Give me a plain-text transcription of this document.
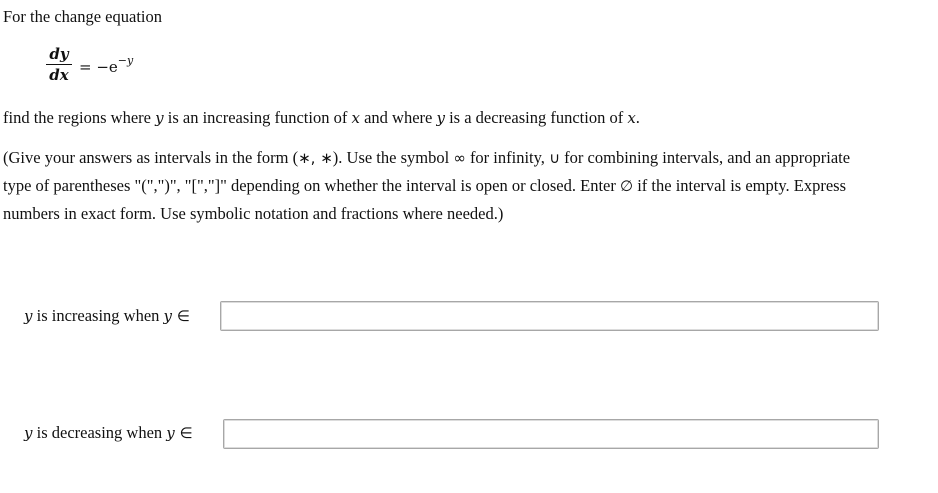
For the change equation
dy
dx = $-e^{-y}$
find the regions where y is an increasing function of x and where y is a decreasing function of x.
(Give your answers as intervals in the form (∗, ∗). Use the symbol ∞ for infinity, ∪ for combining intervals, and an appropriate
type of parentheses "(",")", "[","]" depending on whether the interval is open or closed. Enter ∅ if the interval is empty. Express
numbers in exact form. Use symbolic notation and fractions where needed.)
y is increasing when y ∈
y is decreasing when y ∈
